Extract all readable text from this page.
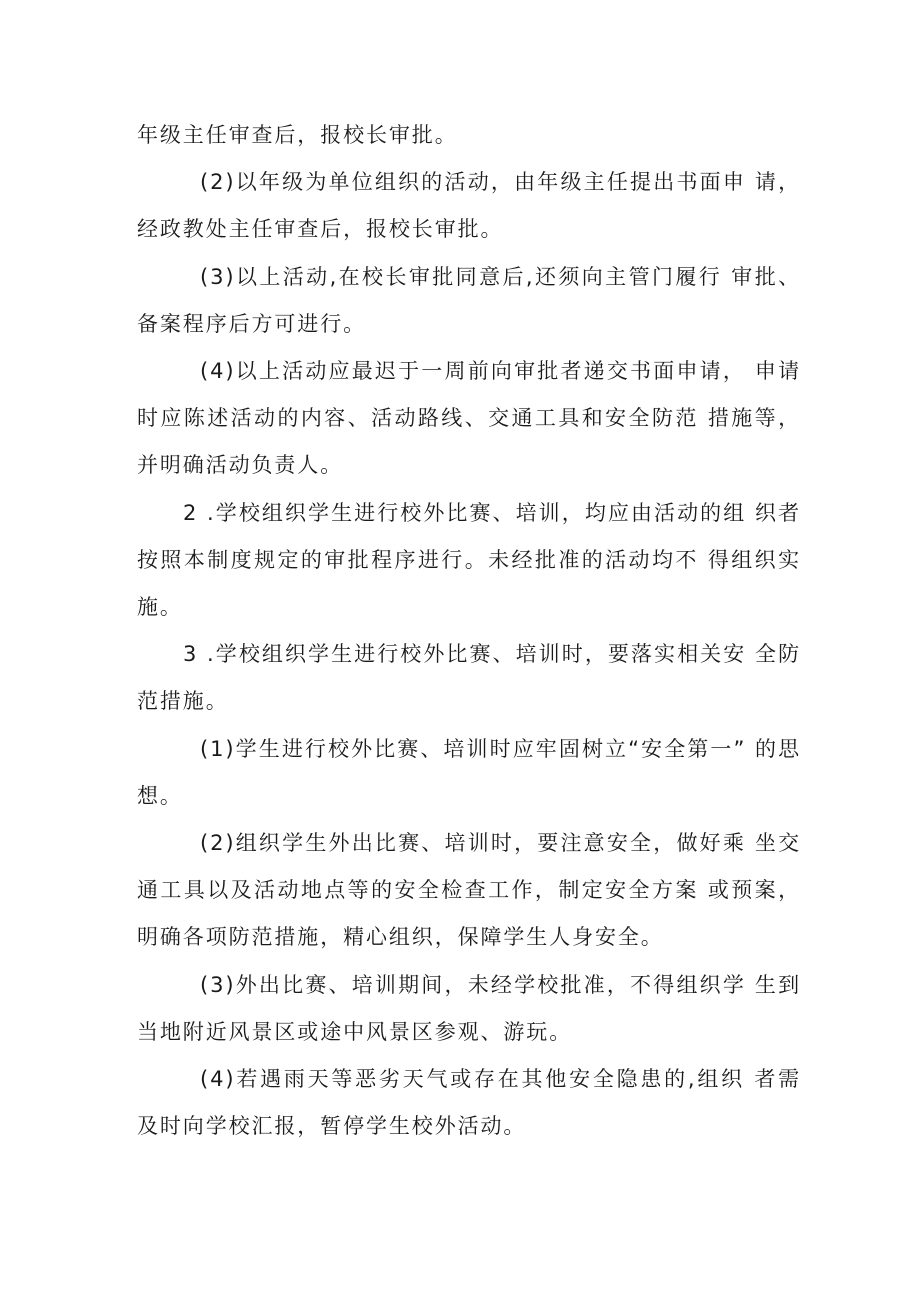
年级主任审查后，报校长审批。

(2)以年级为单位组织的活动，由年级主任提出书面申 请，经政教处主任审查后，报校长审批。

(3)以上活动,在校长审批同意后,还须向主管门履行 审批、备案程序后方可进行。

(4)以上活动应最迟于一周前向审批者递交书面申请， 申请时应陈述活动的内容、活动路线、交通工具和安全防范 措施等，并明确活动负责人。

2 .学校组织学生进行校外比赛、培训，均应由活动的组 织者按照本制度规定的审批程序进行。未经批准的活动均不 得组织实施。

3 .学校组织学生进行校外比赛、培训时，要落实相关安 全防范措施。

(1)学生进行校外比赛、培训时应牢固树立“安全第一” 的思想。

(2)组织学生外出比赛、培训时，要注意安全，做好乘 坐交通工具以及活动地点等的安全检查工作，制定安全方案 或预案，明确各项防范措施，精心组织，保障学生人身安全。

(3)外出比赛、培训期间，未经学校批准，不得组织学 生到当地附近风景区或途中风景区参观、游玩。

(4)若遇雨天等恶劣天气或存在其他安全隐患的,组织 者需及时向学校汇报，暂停学生校外活动。
